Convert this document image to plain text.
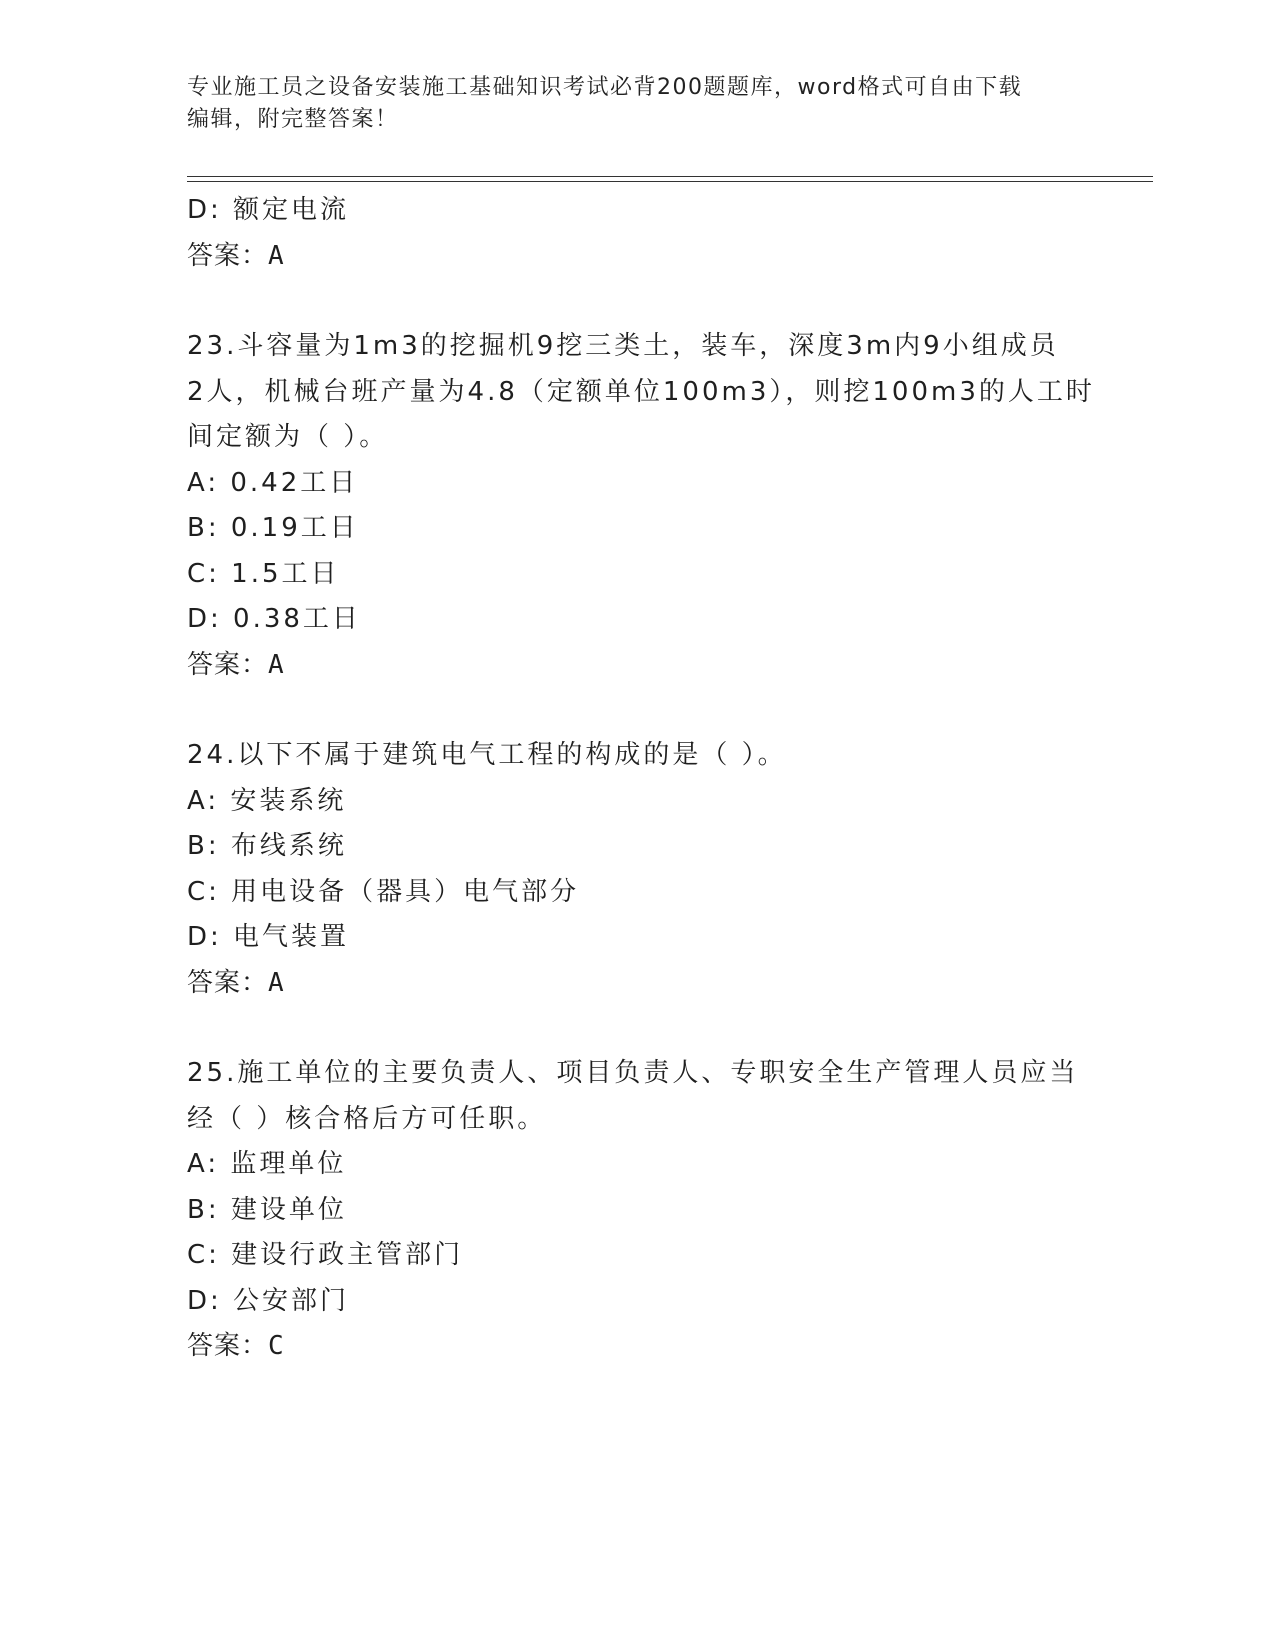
专业施工员之设备安装施工基础知识考试必背200题题库，word格式可自由下载
编辑，附完整答案！
D: 额定电流
答案：A
23.斗容量为1m3的挖掘机9挖三类土，装车，深度3m内9小组成员
2人，机械台班产量为4.8（定额单位100m3），则挖100m3的人工时
间定额为（ ）。
A: 0.42工日
B: 0.19工日
C: 1.5工日
D: 0.38工日
答案：A
24.以下不属于建筑电气工程的构成的是（ ）。
A: 安装系统
B: 布线系统
C: 用电设备（器具）电气部分
D: 电气装置
答案：A
25.施工单位的主要负责人、项目负责人、专职安全生产管理人员应当
经（ ）核合格后方可任职。
A: 监理单位
B: 建设单位
C: 建设行政主管部门
D: 公安部门
答案：C
